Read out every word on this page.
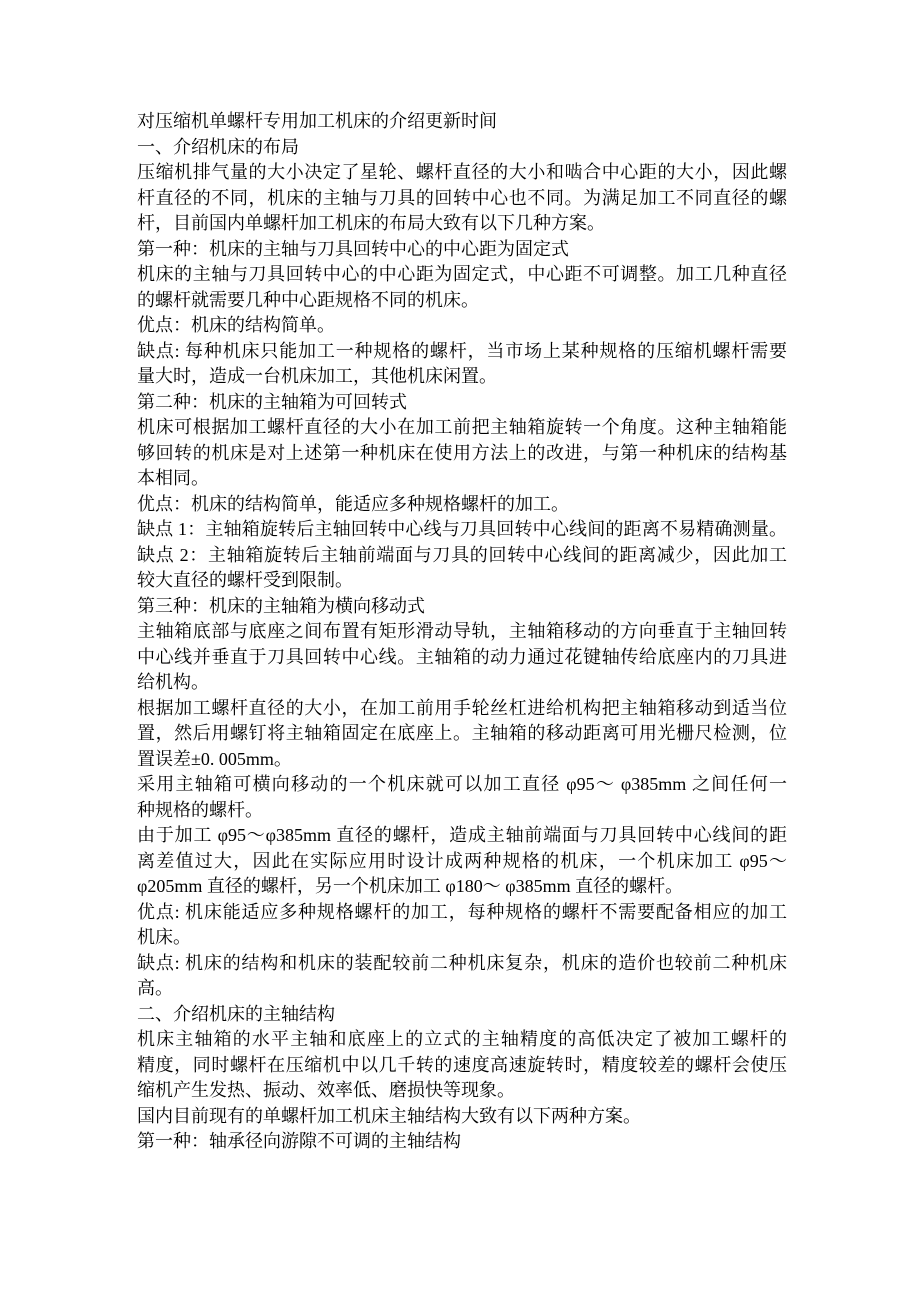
对压缩机单螺杆专用加工机床的介绍更新时间
一、介绍机床的布局
压缩机排气量的大小决定了星轮、螺杆直径的大小和啮合中心距的大小，因此螺
杆直径的不同，机床的主轴与刀具的回转中心也不同。为满足加工不同直径的螺
杆，目前国内单螺杆加工机床的布局大致有以下几种方案。
第一种：机床的主轴与刀具回转中心的中心距为固定式
机床的主轴与刀具回转中心的中心距为固定式，中心距不可调整。加工几种直径
的螺杆就需要几种中心距规格不同的机床。
优点：机床的结构简单。
缺点: 每种机床只能加工一种规格的螺杆，当市场上某种规格的压缩机螺杆需要
量大时，造成一台机床加工，其他机床闲置。
第二种：机床的主轴箱为可回转式
机床可根据加工螺杆直径的大小在加工前把主轴箱旋转一个角度。这种主轴箱能
够回转的机床是对上述第一种机床在使用方法上的改进，与第一种机床的结构基
本相同。
优点：机床的结构简单，能适应多种规格螺杆的加工。
缺点 1：主轴箱旋转后主轴回转中心线与刀具回转中心线间的距离不易精确测量。
缺点 2：主轴箱旋转后主轴前端面与刀具的回转中心线间的距离减少，因此加工
较大直径的螺杆受到限制。
第三种：机床的主轴箱为横向移动式
主轴箱底部与底座之间布置有矩形滑动导轨，主轴箱移动的方向垂直于主轴回转
中心线并垂直于刀具回转中心线。主轴箱的动力通过花键轴传给底座内的刀具进
给机构。
根据加工螺杆直径的大小，在加工前用手轮丝杠进给机构把主轴箱移动到适当位
置，然后用螺钉将主轴箱固定在底座上。主轴箱的移动距离可用光栅尺检测，位
置误差±0. 005mm。
采用主轴箱可横向移动的一个机床就可以加工直径 φ95～ φ385mm 之间任何一
种规格的螺杆。
由于加工 φ95～φ385mm 直径的螺杆，造成主轴前端面与刀具回转中心线间的距
离差值过大，因此在实际应用时设计成两种规格的机床，一个机床加工 φ95～
φ205mm 直径的螺杆，另一个机床加工 φ180～ φ385mm 直径的螺杆。
优点: 机床能适应多种规格螺杆的加工，每种规格的螺杆不需要配备相应的加工
机床。
缺点: 机床的结构和机床的装配较前二种机床复杂，机床的造价也较前二种机床
高。
二、介绍机床的主轴结构
机床主轴箱的水平主轴和底座上的立式的主轴精度的高低决定了被加工螺杆的
精度，同时螺杆在压缩机中以几千转的速度高速旋转时，精度较差的螺杆会使压
缩机产生发热、振动、效率低、磨损快等现象。
国内目前现有的单螺杆加工机床主轴结构大致有以下两种方案。
第一种：轴承径向游隙不可调的主轴结构
